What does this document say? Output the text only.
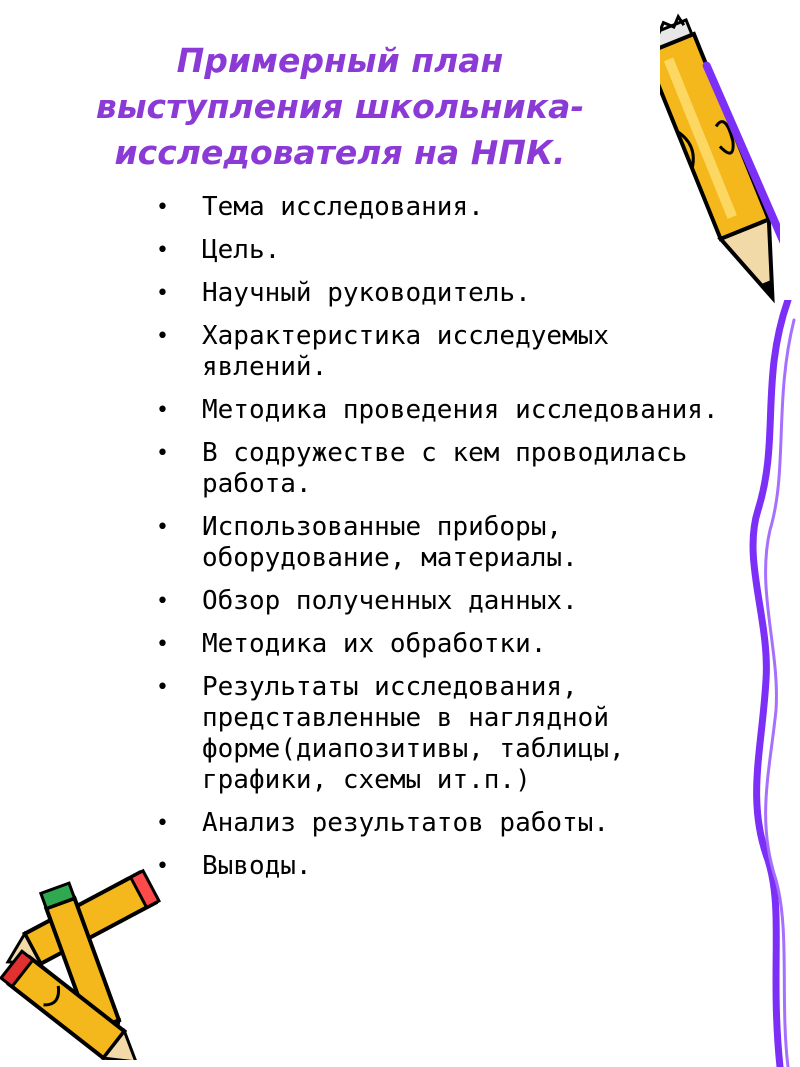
Примерный план
выступления школьника-
исследователя на НПК.
• Тема исследования.
• Цель.
• Научный руководитель.
• Характеристика исследуемых явлений.
• Методика проведения исследования.
• В содружестве с кем проводилась работа.
• Использованные приборы, оборудование, материалы.
• Обзор полученных данных.
• Методика их обработки.
• Результаты исследования, представленные в наглядной форме(диапозитивы, таблицы, графики, схемы ит.п.)
• Анализ результатов работы.
• Выводы.
